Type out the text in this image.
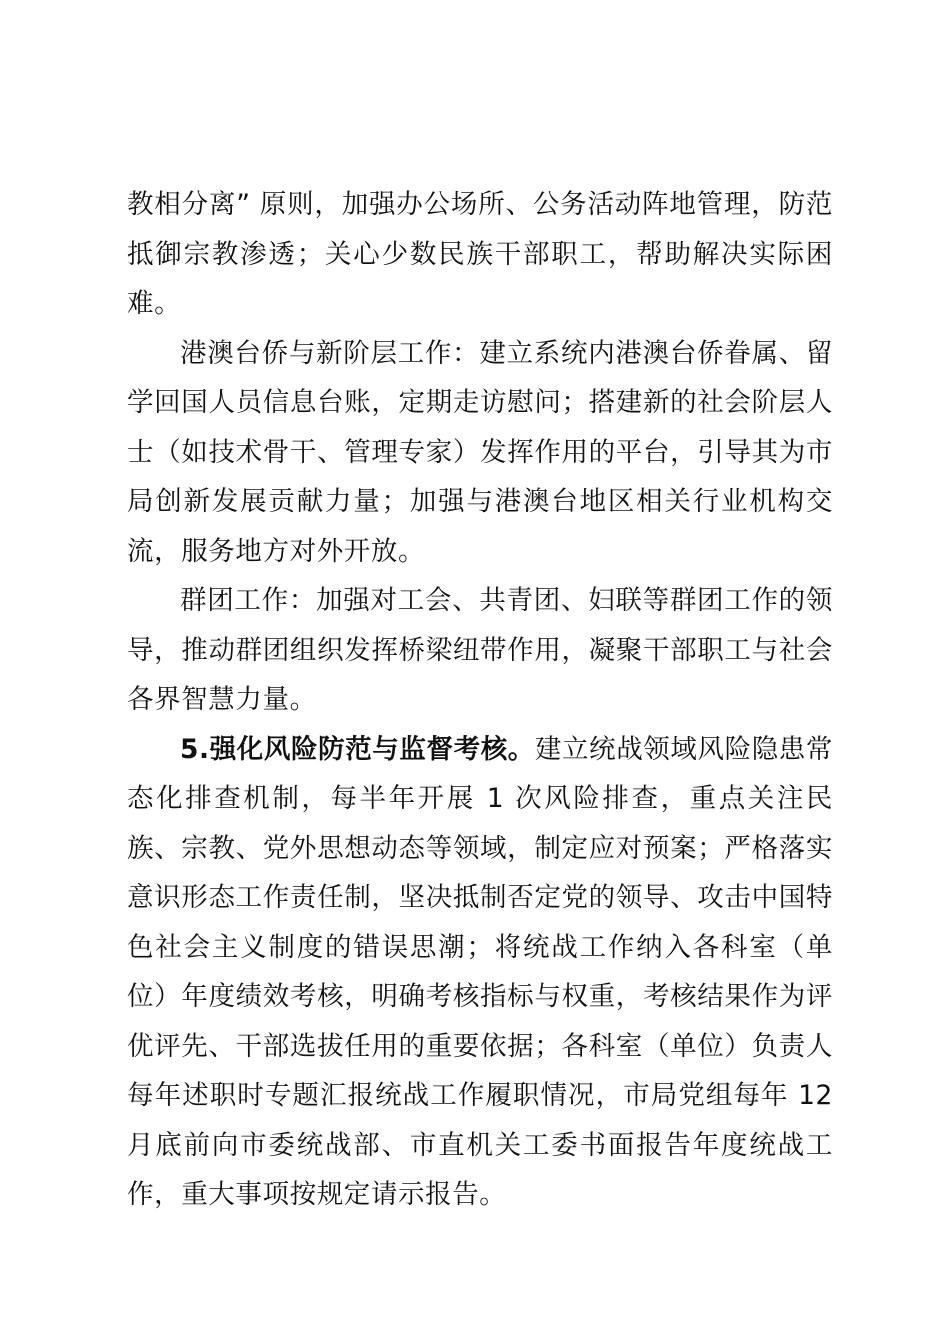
教相分离” 原则，加强办公场所、公务活动阵地管理，防范抵御宗教渗透；关心少数民族干部职工，帮助解决实际困难。

港澳台侨与新阶层工作：建立系统内港澳台侨眷属、留学回国人员信息台账，定期走访慰问；搭建新的社会阶层人士（如技术骨干、管理专家）发挥作用的平台，引导其为市局创新发展贡献力量；加强与港澳台地区相关行业机构交流，服务地方对外开放。

群团工作：加强对工会、共青团、妇联等群团工作的领导，推动群团组织发挥桥梁纽带作用，凝聚干部职工与社会各界智慧力量。

5.强化风险防范与监督考核。建立统战领域风险隐患常态化排查机制，每半年开展 1 次风险排查，重点关注民族、宗教、党外思想动态等领域，制定应对预案；严格落实意识形态工作责任制，坚决抵制否定党的领导、攻击中国特色社会主义制度的错误思潮；将统战工作纳入各科室（单位）年度绩效考核，明确考核指标与权重，考核结果作为评优评先、干部选拔任用的重要依据；各科室（单位）负责人每年述职时专题汇报统战工作履职情况，市局党组每年 12 月底前向市委统战部、市直机关工委书面报告年度统战工作，重大事项按规定请示报告。
